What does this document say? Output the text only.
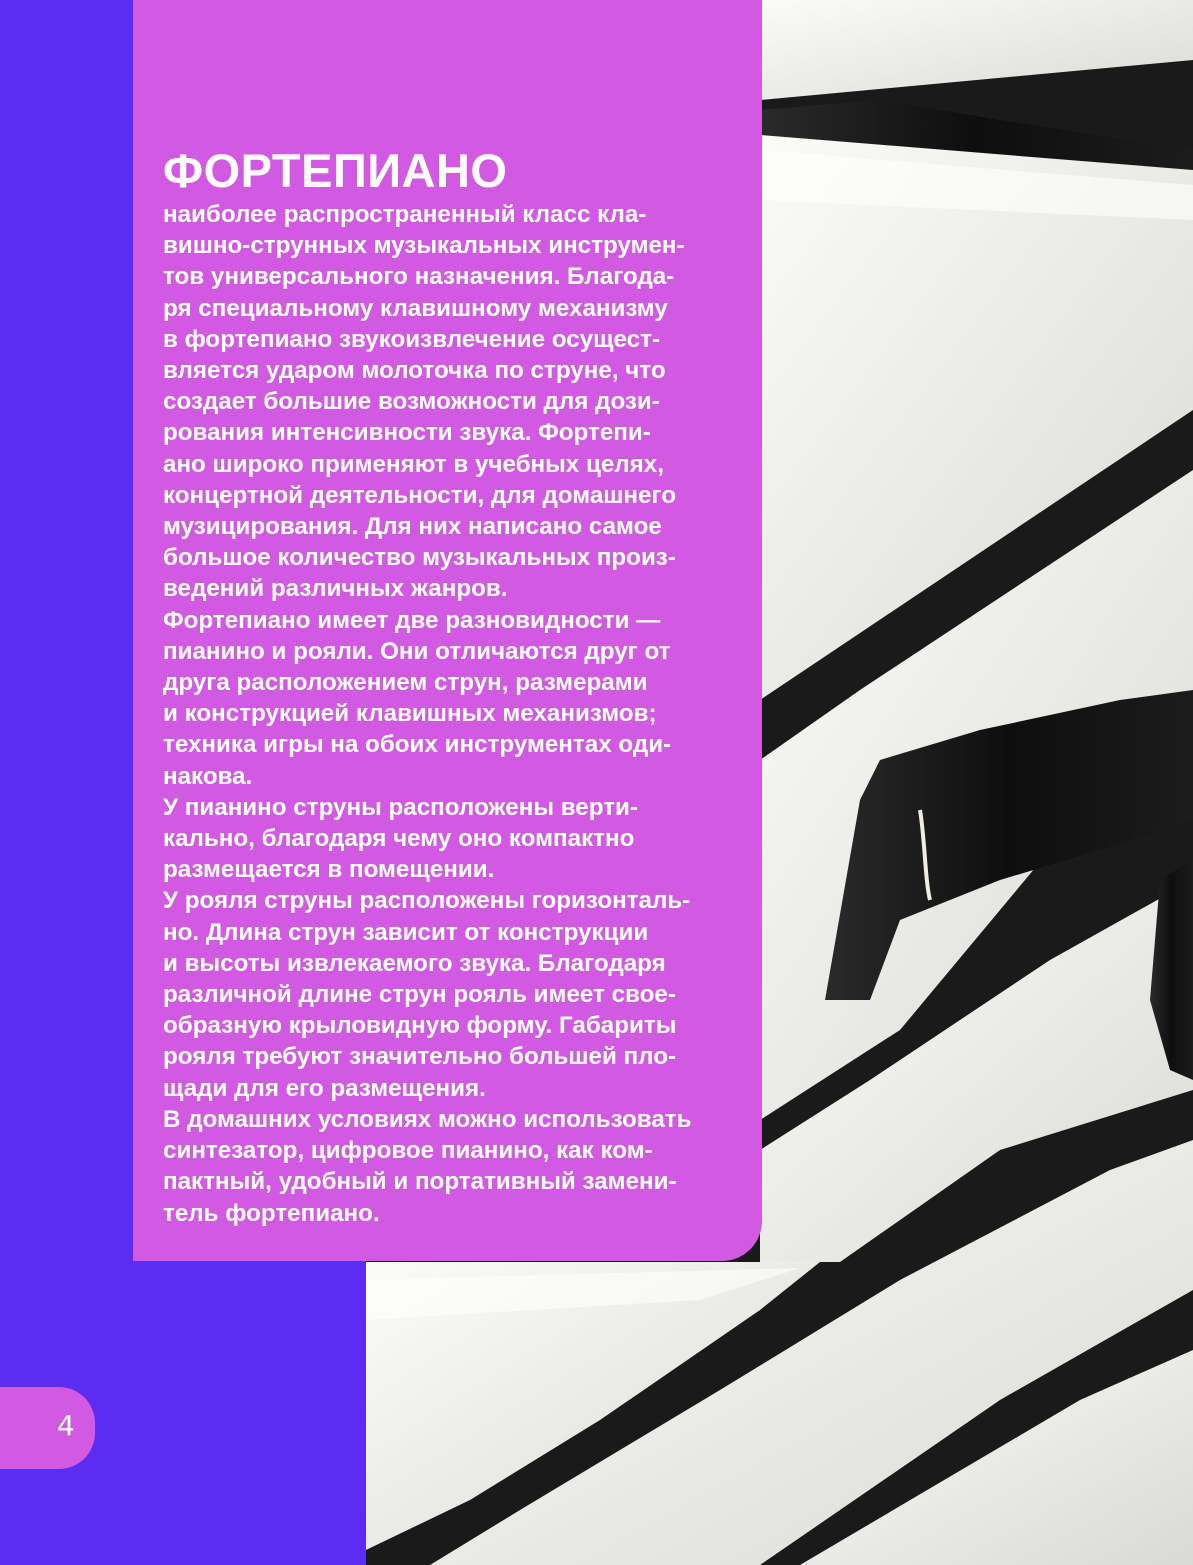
ФОРТЕПИАНО

наиболее распространенный класс кла-
вишно-струнных музыкальных инструмен-
тов универсального назначения. Благода-
ря специальному клавишному механизму
в фортепиано звукоизвлечение осущест-
вляется ударом молоточка по струне, что
создает большие возможности для дози-
рования интенсивности звука. Фортепи-
ано широко применяют в учебных целях,
концертной деятельности, для домашнего
музицирования. Для них написано самое
большое количество музыкальных произ-
ведений различных жанров.

Фортепиано имеет две разновидности —
пианино и рояли. Они отличаются друг от
друга расположением струн, размерами
и конструкцией клавишных механизмов;
техника игры на обоих инструментах оди-
накова.

У пианино струны расположены верти-
кально, благодаря чему оно компактно
размещается в помещении.

У рояля струны расположены горизонталь-
но. Длина струн зависит от конструкции
и высоты извлекаемого звука. Благодаря
различной длине струн рояль имеет свое-
образную крыловидную форму. Габариты
рояля требуют значительно большей пло-
щади для его размещения.

В домашних условиях можно использовать
синтезатор, цифровое пианино, как ком-
пактный, удобный и портативный замени-
тель фортепиано.

4
